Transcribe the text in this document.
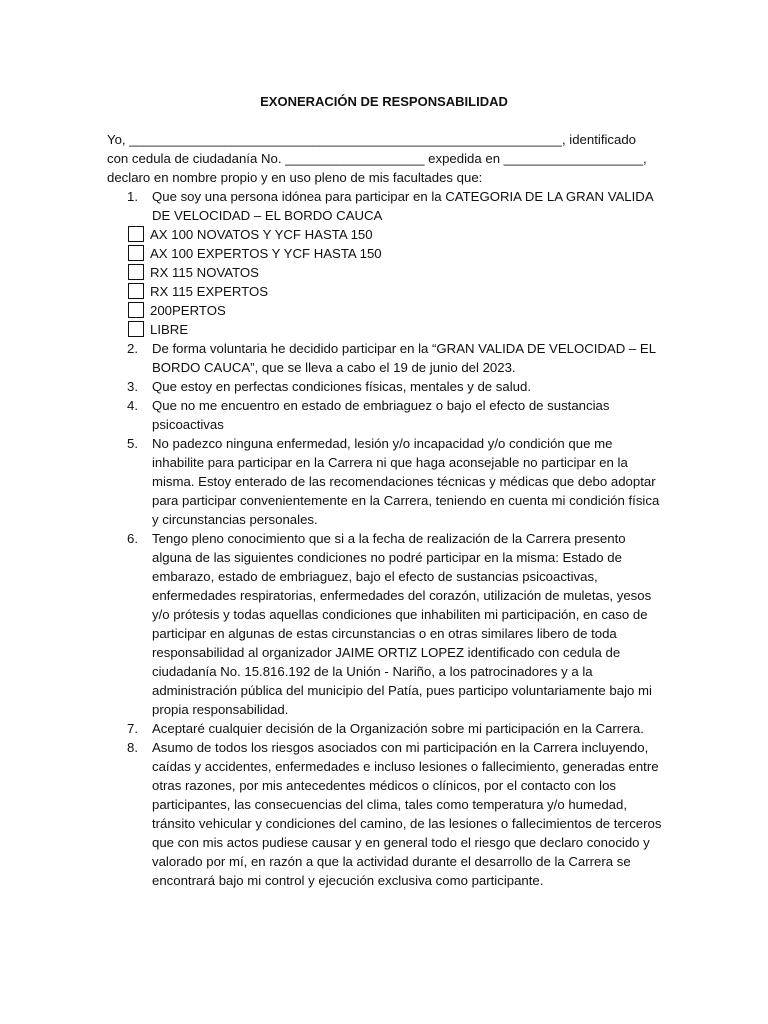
EXONERACIÓN DE RESPONSABILIDAD
Yo, ___________________________________________________________, identificado
con cedula de ciudadanía No. ___________________ expedida en ___________________,
declaro en nombre propio y en uso pleno de mis facultades que:
1. Que soy una persona idónea para participar en la CATEGORIA DE LA GRAN VALIDA DE VELOCIDAD – EL BORDO CAUCA
AX 100 NOVATOS Y YCF HASTA 150
AX 100 EXPERTOS Y YCF HASTA 150
RX 115 NOVATOS
RX 115 EXPERTOS
200PERTOS
LIBRE
2. De forma voluntaria he decidido participar en la “GRAN VALIDA DE VELOCIDAD – EL BORDO CAUCA”, que se lleva a cabo el 19 de junio del 2023.
3. Que estoy en perfectas condiciones físicas, mentales y de salud.
4. Que no me encuentro en estado de embriaguez o bajo el efecto de sustancias psicoactivas
5. No padezco ninguna enfermedad, lesión y/o incapacidad y/o condición que me inhabilite para participar en la Carrera ni que haga aconsejable no participar en la misma. Estoy enterado de las recomendaciones técnicas y médicas que debo adoptar para participar convenientemente en la Carrera, teniendo en cuenta mi condición física y circunstancias personales.
6. Tengo pleno conocimiento que si a la fecha de realización de la Carrera presento alguna de las siguientes condiciones no podré participar en la misma: Estado de embarazo, estado de embriaguez, bajo el efecto de sustancias psicoactivas, enfermedades respiratorias, enfermedades del corazón, utilización de muletas, yesos y/o prótesis y todas aquellas condiciones que inhabiliten mi participación, en caso de participar en algunas de estas circunstancias o en otras similares libero de toda responsabilidad al organizador JAIME ORTIZ LOPEZ identificado con cedula de ciudadanía No. 15.816.192 de la Unión - Nariño, a los patrocinadores y a la administración pública del municipio del Patía, pues participo voluntariamente bajo mi propia responsabilidad.
7. Aceptaré cualquier decisión de la Organización sobre mi participación en la Carrera.
8. Asumo de todos los riesgos asociados con mi participación en la Carrera incluyendo, caídas y accidentes, enfermedades e incluso lesiones o fallecimiento, generadas entre otras razones, por mis antecedentes médicos o clínicos, por el contacto con los participantes, las consecuencias del clima, tales como temperatura y/o humedad, tránsito vehicular y condiciones del camino, de las lesiones o fallecimientos de terceros que con mis actos pudiese causar y en general todo el riesgo que declaro conocido y valorado por mí, en razón a que la actividad durante el desarrollo de la Carrera se encontrará bajo mi control y ejecución exclusiva como participante.
